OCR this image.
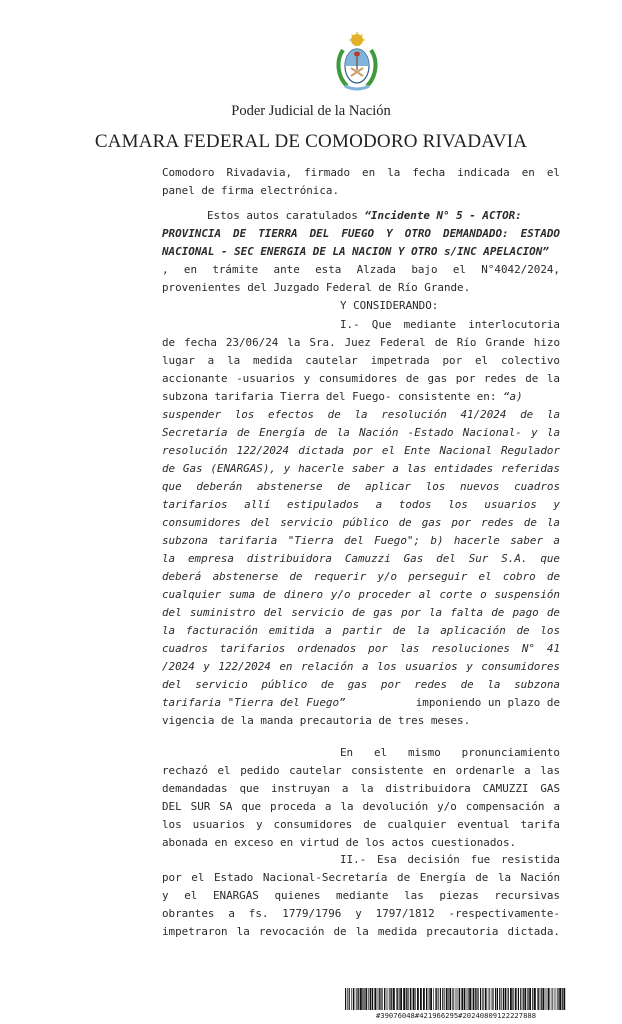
Poder Judicial de la Nación
CAMARA FEDERAL DE COMODORO RIVADAVIA
Comodoro Rivadavia, firmado en la fecha indicada en el
panel de firma electrónica.
Estos autos caratulados “Incidente N° 5 - ACTOR:
PROVINCIA DE TIERRA DEL FUEGO Y OTRO DEMANDADO: ESTADO
NACIONAL - SEC ENERGIA DE LA NACION Y OTRO s/INC APELACION”
, en trámite ante esta Alzada bajo el N°4042/2024,
provenientes del Juzgado Federal de Río Grande.
Y CONSIDERANDO:
I.- Que mediante interlocutoria
de fecha 23/06/24 la Sra. Juez Federal de Río Grande hizo
lugar a la medida cautelar impetrada por el colectivo
accionante -usuarios y consumidores de gas por redes de la
subzona tarifaria Tierra del Fuego- consistente en: “a)
suspender los efectos de la resolución 41/2024 de la
Secretaría de Energía de la Nación -Estado Nacional- y la
resolución 122/2024 dictada por el Ente Nacional Regulador
de Gas (ENARGAS), y hacerle saber a las entidades referidas
que deberán abstenerse de aplicar los nuevos cuadros
tarifarios allí estipulados a todos los usuarios y
consumidores del servicio público de gas por redes de la
subzona tarifaria "Tierra del Fuego"; b) hacerle saber a
la empresa distribuidora Camuzzi Gas del Sur S.A. que
deberá abstenerse de requerir y/o perseguir el cobro de
cualquier suma de dinero y/o proceder al corte o suspensión
del suministro del servicio de gas por la falta de pago de
la facturación emitida a partir de la aplicación de los
cuadros tarifarios ordenados por las resoluciones N° 41
/2024 y 122/2024 en relación a los usuarios y consumidores
del servicio público de gas por redes de la subzona
tarifaria "Tierra del Fuego”	imponiendo un plazo de
vigencia de la manda precautoria de tres meses.
En el mismo pronunciamiento
rechazó el pedido cautelar consistente en ordenarle a las
demandadas que instruyan a la distribuidora CAMUZZI GAS
DEL SUR SA que proceda a la devolución y/o compensación a
los usuarios y consumidores de cualquier eventual tarifa
abonada en exceso en virtud de los actos cuestionados.
II.- Esa decisión fue resistida
por el Estado Nacional-Secretaría de Energía de la Nación
y el ENARGAS quienes mediante las piezas recursivas
obrantes a fs. 1779/1796 y 1797/1812 -respectivamente-
impetraron la revocación de la medida precautoria dictada.
#39076048#421966295#20240809122227888
